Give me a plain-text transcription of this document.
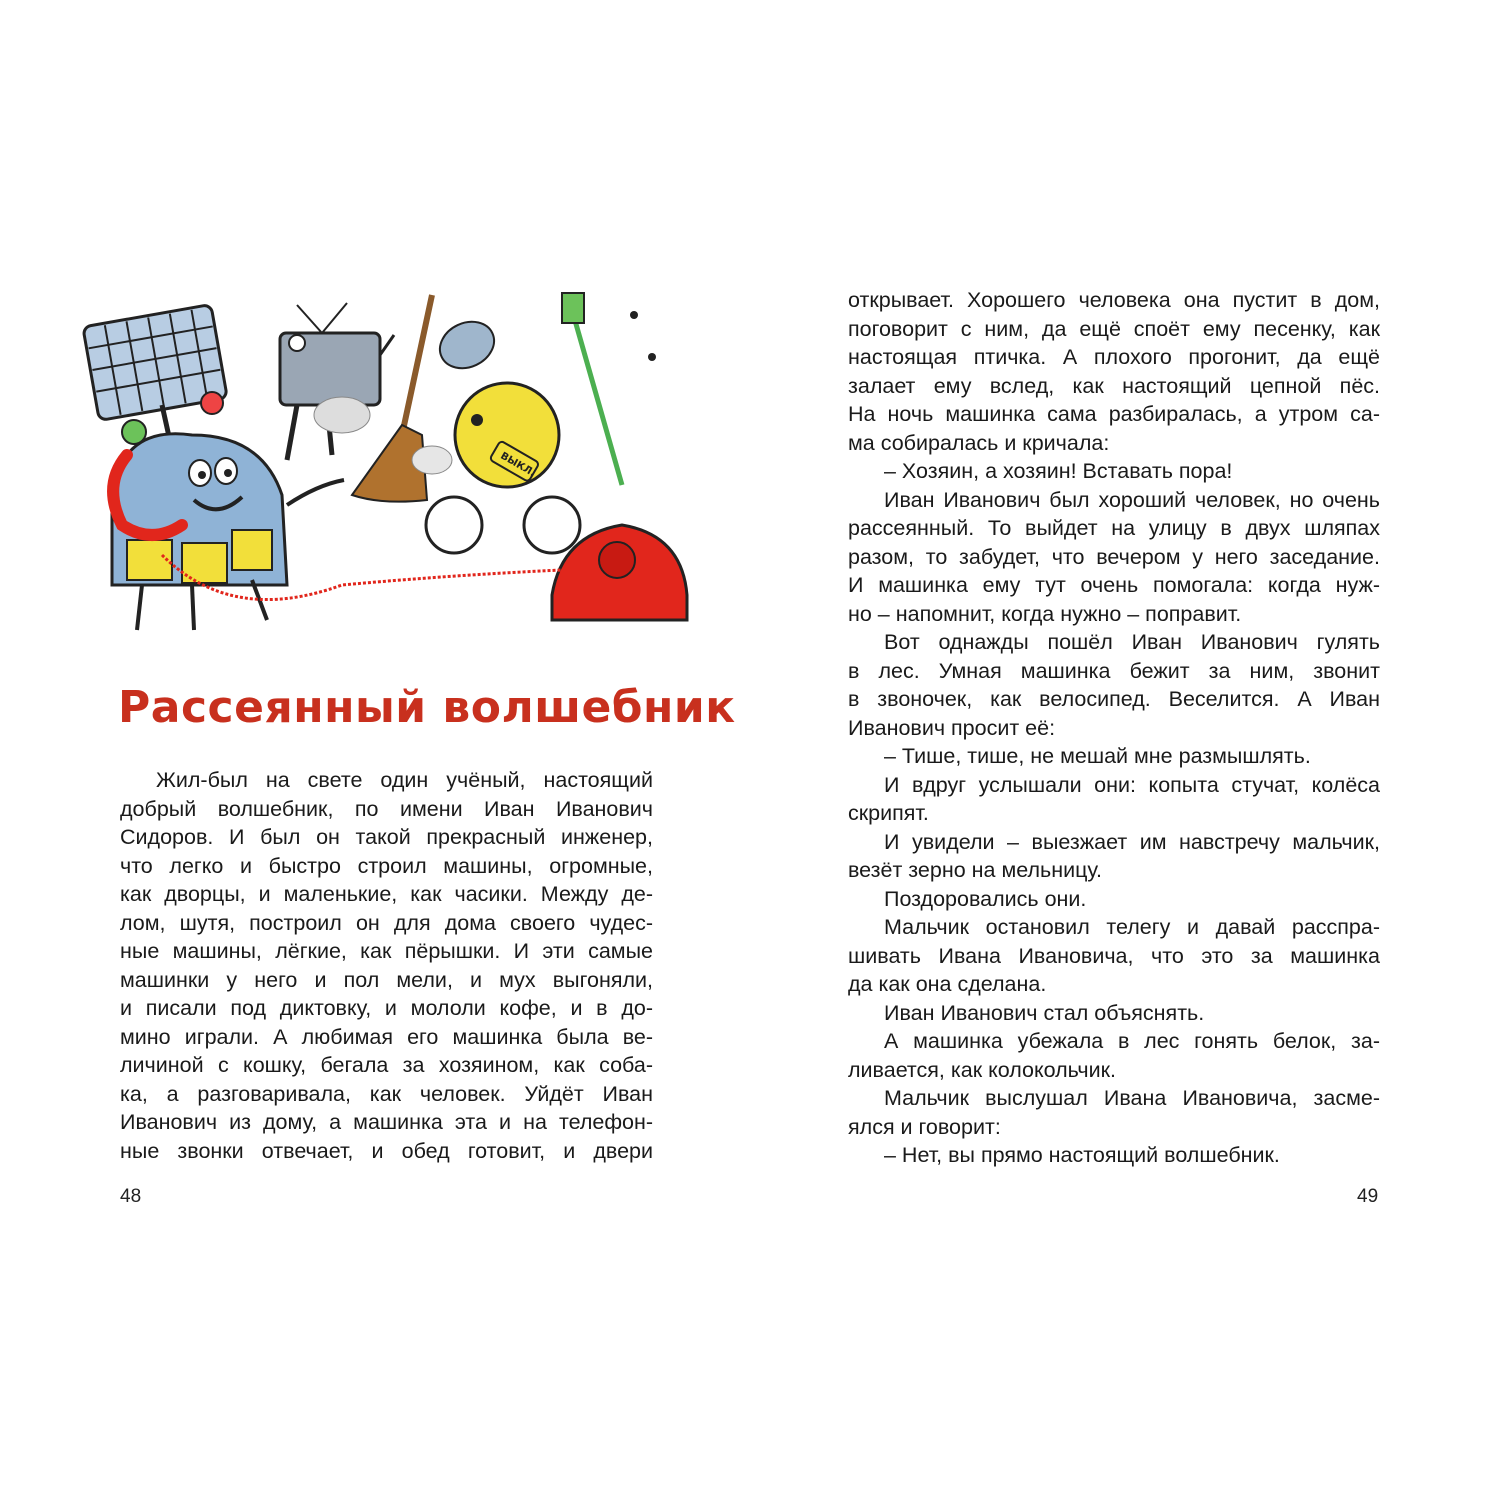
ВЫКЛ.
Рассеянный волшебник
Жил-был на свете один учёный, настоящий
добрый волшебник, по имени Иван Иванович
Сидоров. И был он такой прекрасный инженер,
что легко и быстро строил машины, огромные,
как дворцы, и маленькие, как часики. Между де-
лом, шутя, построил он для дома своего чудес-
ные машины, лёгкие, как пёрышки. И эти самые
машинки у него и пол мели, и мух выгоняли,
и писали под диктовку, и мололи кофе, и в до-
мино играли. А любимая его машинка была ве-
личиной с кошку, бегала за хозяином, как соба-
ка, а разговаривала, как человек. Уйдёт Иван
Иванович из дому, а машинка эта и на телефон-
ные звонки отвечает, и обед готовит, и двери
48
открывает. Хорошего человека она пустит в дом,
поговорит с ним, да ещё споёт ему песенку, как
настоящая птичка. А плохого прогонит, да ещё
залает ему вслед, как настоящий цепной пёс.
На ночь машинка сама разбиралась, а утром са-
ма собиралась и кричала:
– Хозяин, а хозяин! Вставать пора!
Иван Иванович был хороший человек, но очень
рассеянный. То выйдет на улицу в двух шляпах
разом, то забудет, что вечером у него заседание.
И машинка ему тут очень помогала: когда нуж-
но – напомнит, когда нужно – поправит.
Вот однажды пошёл Иван Иванович гулять
в лес. Умная машинка бежит за ним, звонит
в звоночек, как велосипед. Веселится. А Иван
Иванович просит её:
– Тише, тише, не мешай мне размышлять.
И вдруг услышали они: копыта стучат, колёса
скрипят.
И увидели – выезжает им навстречу мальчик,
везёт зерно на мельницу.
Поздоровались они.
Мальчик остановил телегу и давай расспра-
шивать Ивана Ивановича, что это за машинка
да как она сделана.
Иван Иванович стал объяснять.
А машинка убежала в лес гонять белок, за-
ливается, как колокольчик.
Мальчик выслушал Ивана Ивановича, засме-
ялся и говорит:
– Нет, вы прямо настоящий волшебник.
49
